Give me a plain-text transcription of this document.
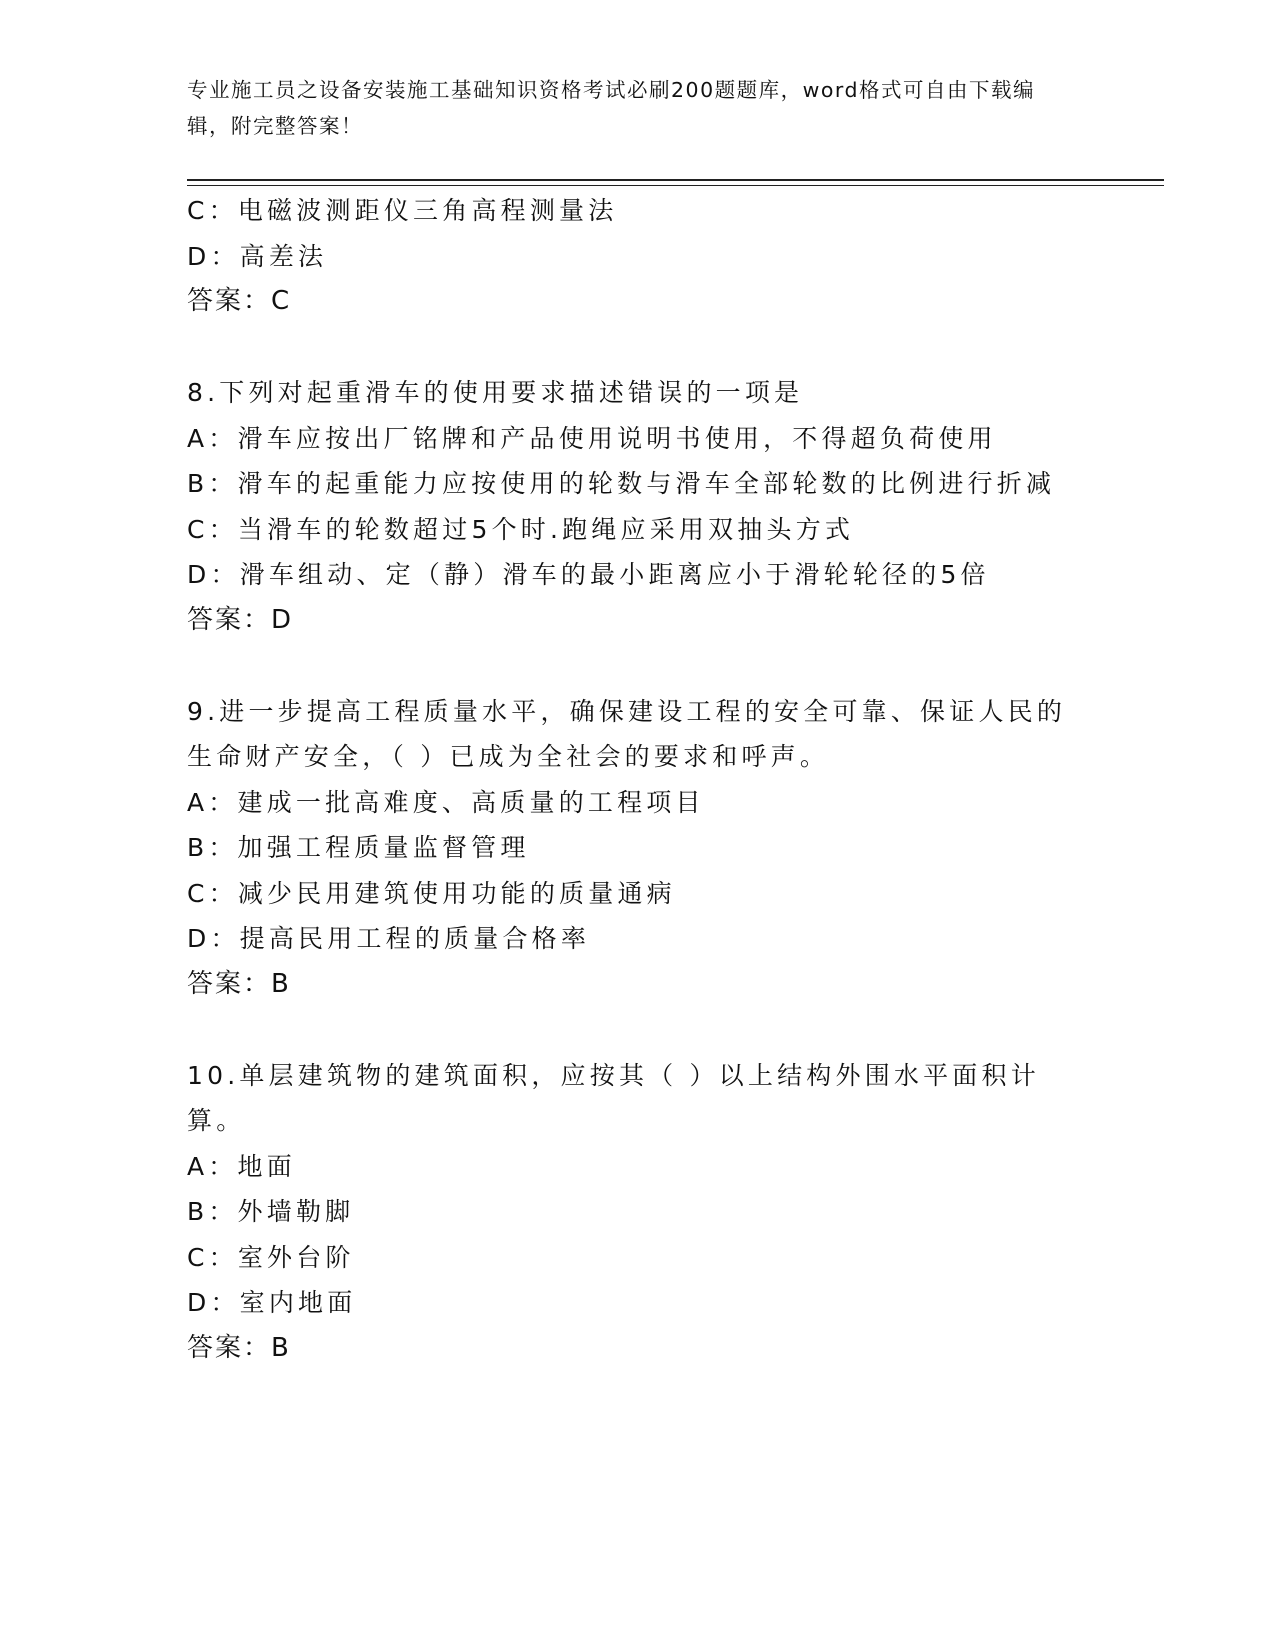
专业施工员之设备安装施工基础知识资格考试必刷200题题库，word格式可自由下载编辑，附完整答案！
C：电磁波测距仪三角高程测量法
D：高差法
答案：C
8.下列对起重滑车的使用要求描述错误的一项是
A：滑车应按出厂铭牌和产品使用说明书使用，不得超负荷使用
B：滑车的起重能力应按使用的轮数与滑车全部轮数的比例进行折减
C：当滑车的轮数超过5个时.跑绳应采用双抽头方式
D：滑车组动、定（静）滑车的最小距离应小于滑轮轮径的5倍
答案：D
9.进一步提高工程质量水平，确保建设工程的安全可靠、保证人民的生命财产安全，（ ）已成为全社会的要求和呼声。
A：建成一批高难度、高质量的工程项目
B：加强工程质量监督管理
C：减少民用建筑使用功能的质量通病
D：提高民用工程的质量合格率
答案：B
10.单层建筑物的建筑面积，应按其（ ）以上结构外围水平面积计算。
A：地面
B：外墙勒脚
C：室外台阶
D：室内地面
答案：B
